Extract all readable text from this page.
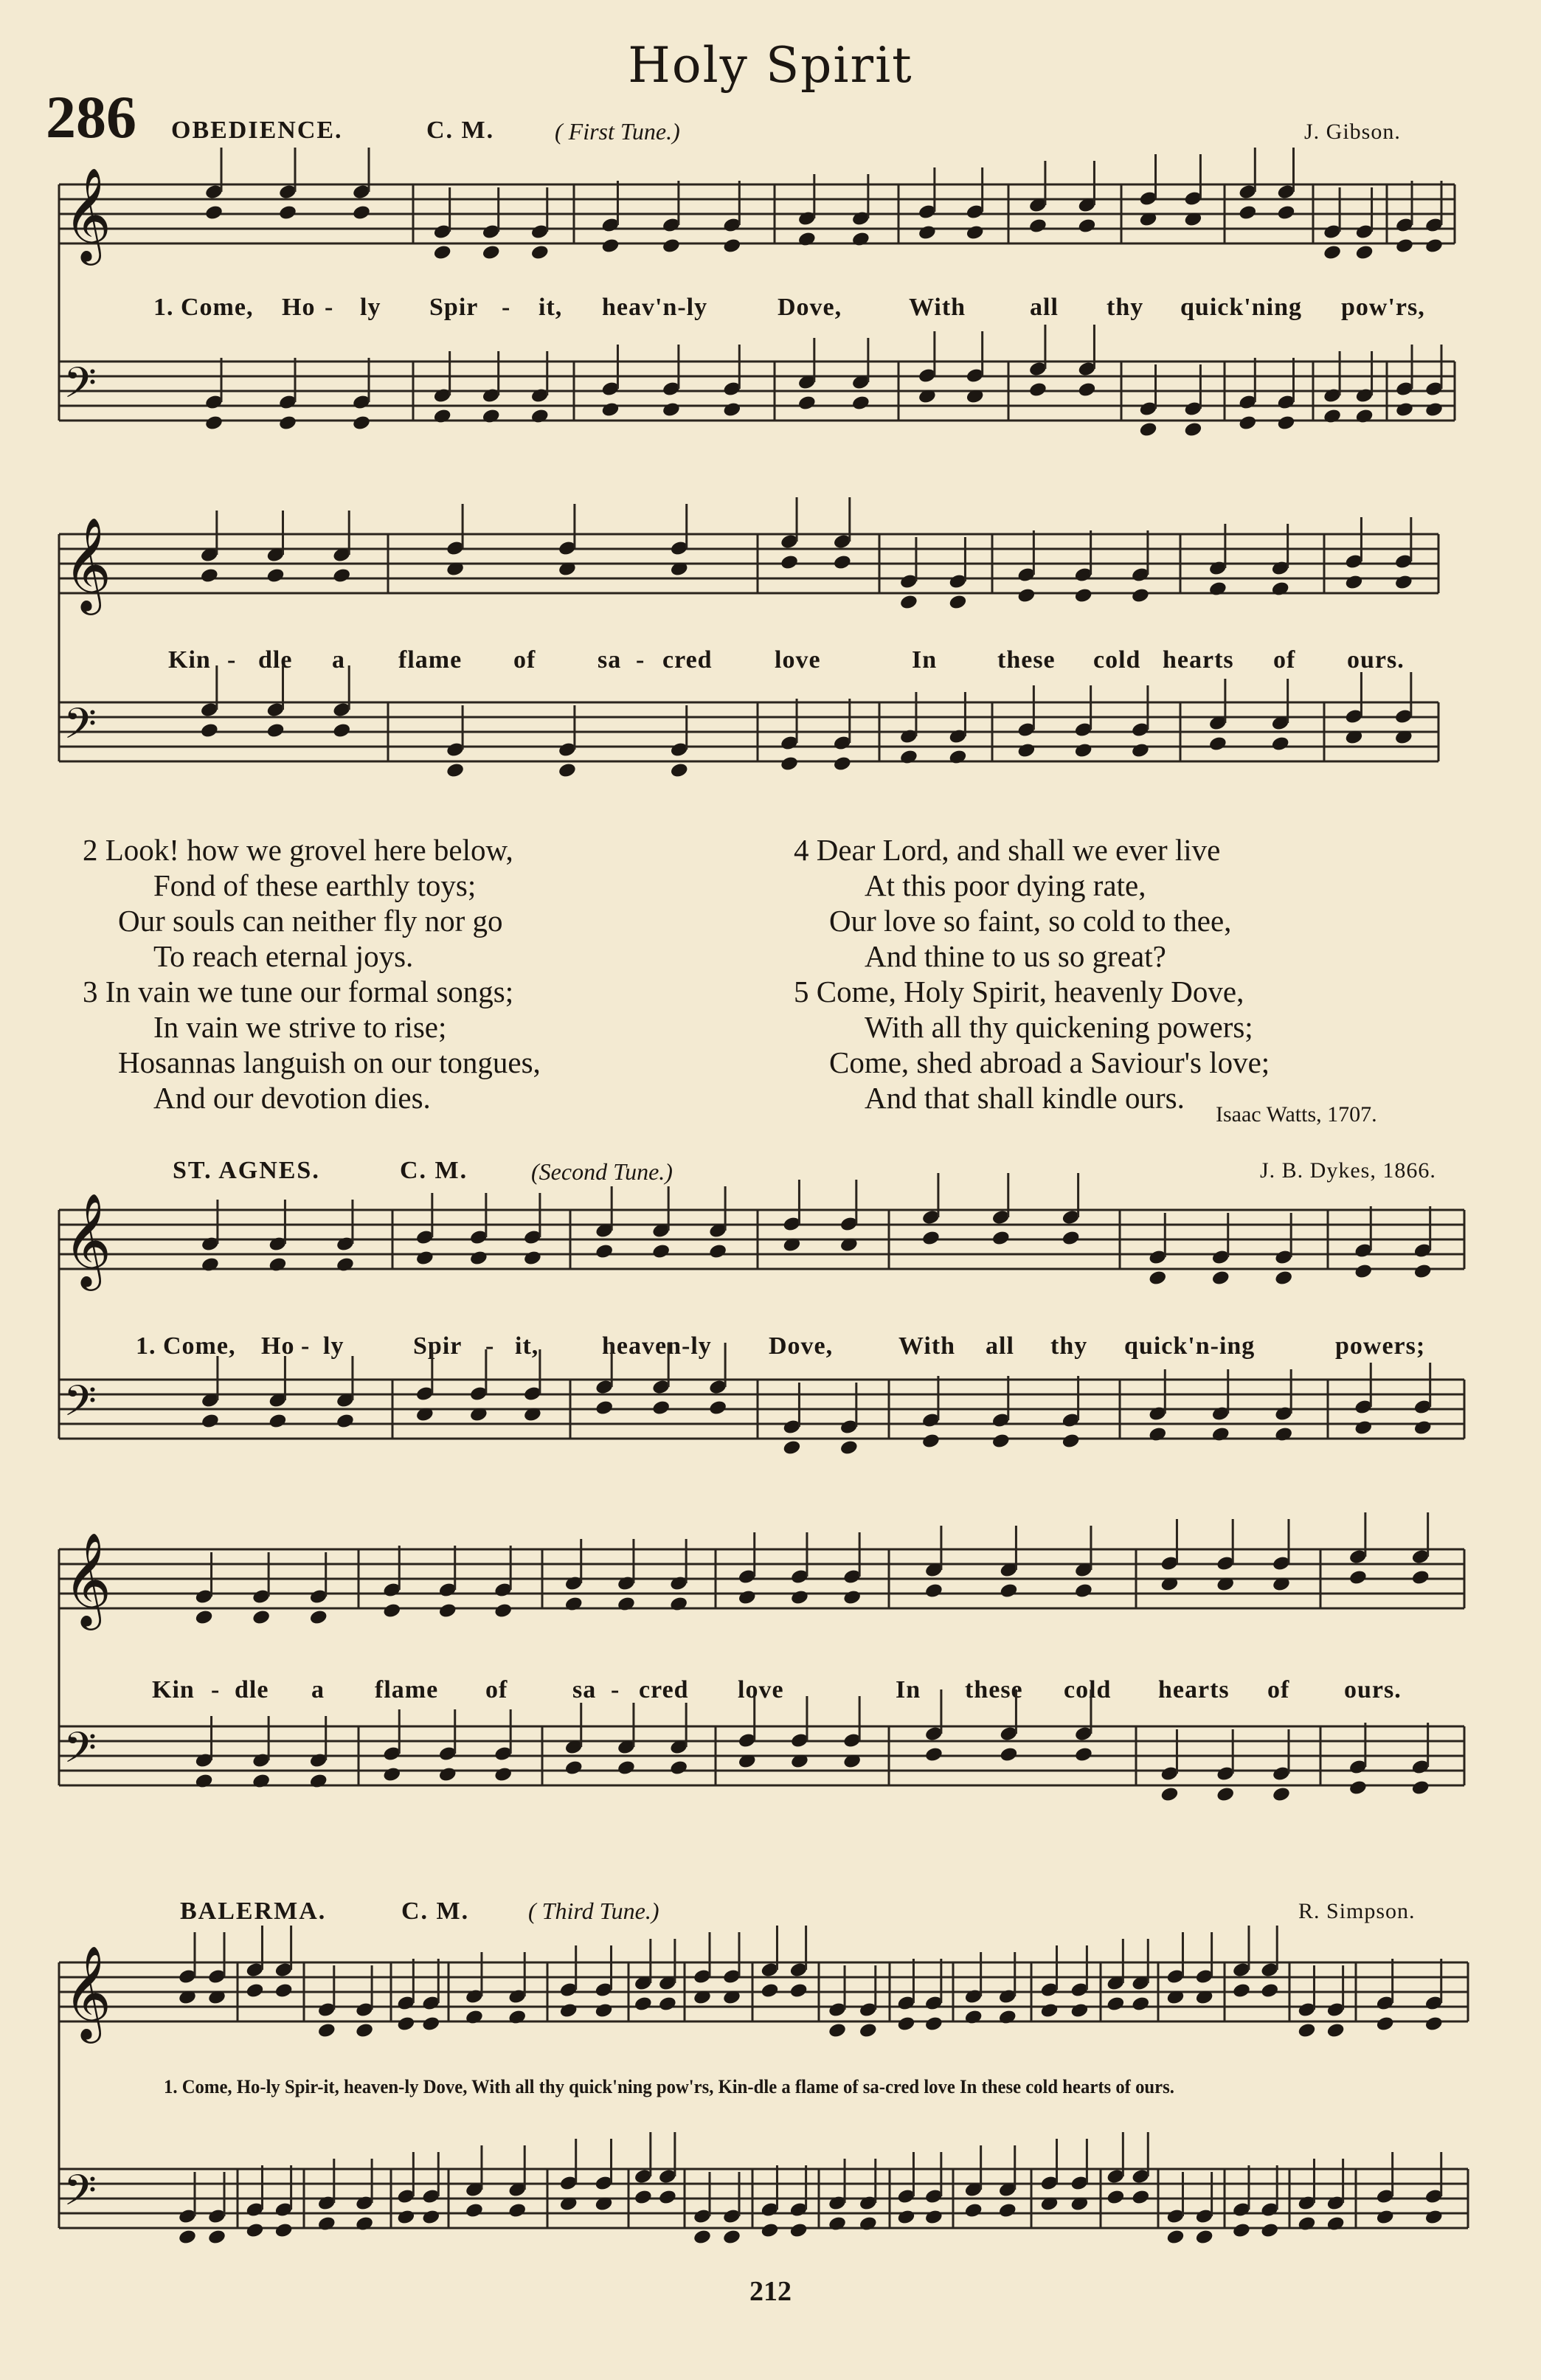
Holy Spirit
286 OBEDIENCE.	C. M.	( First Tune.)	J. Gibson.
1. Come, Ho - ly Spir - it, heav'n-ly	Dove,	With	all thy quick'ning pow'rs,
Kin - dle a flame of sa - cred love	In these cold hearts of ours.
2 Look! how we grovel here below,
Fond of these earthly toys;
Our souls can neither fly nor go
To reach eternal joys.
3 In vain we tune our formal songs;
In vain we strive to rise;
Hosannas languish on our tongues,
And our devotion dies.
4 Dear Lord, and shall we ever live
At this poor dying rate,
Our love so faint, so cold to thee,
And thine to us so great?
5 Come, Holy Spirit, heavenly Dove,
With all thy quickening powers;
Come, shed abroad a Saviour's love;
And that shall kindle ours.	Isaac Watts, 1707.
ST. AGNES.	C. M.	(Second Tune.)	J. B. Dykes, 1866.
1. Come, Ho - ly	Spir - it,	heaven-ly Dove,	With all thy quick'n-ing	powers;
Kin - dle a flame of	sa - cred love	In these cold hearts of ours.
BALERMA.	C. M. ( Third Tune.)	R. Simpson.
1. Come, Ho-ly Spir-it, heaven-ly Dove, With all thy quick'ning pow'rs, Kin-dle a flame of sa-cred love In these cold hearts of ours.
212
𝄞
𝄢
𝄞
𝄢
𝄞
𝄢
𝄞
𝄢
𝄞
𝄢
